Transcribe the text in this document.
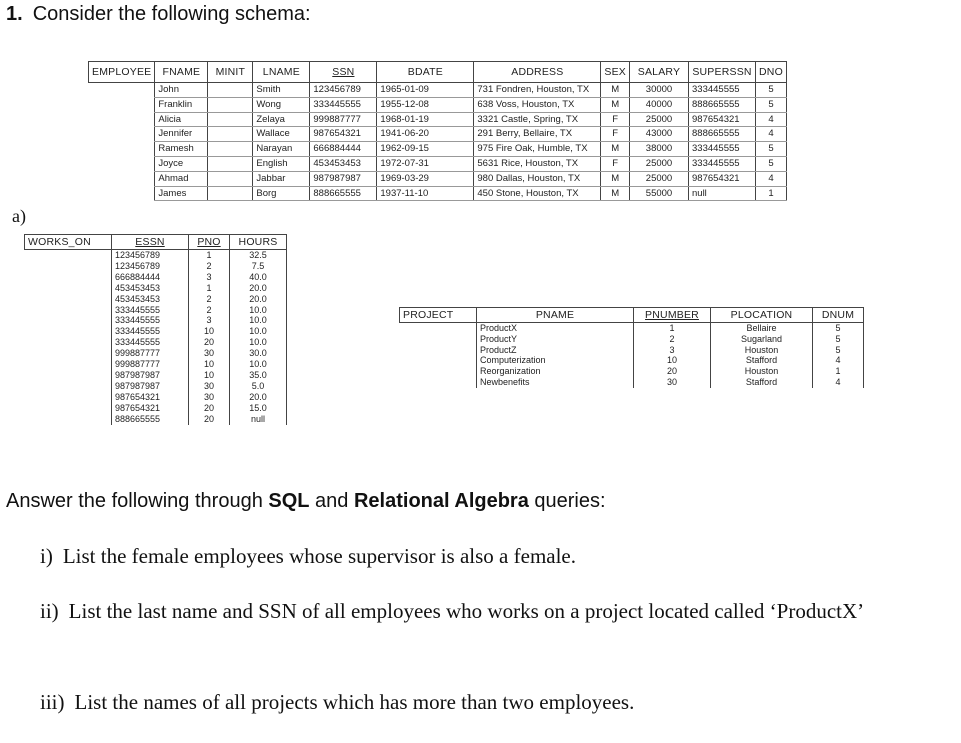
1. Consider the following schema:
EMPLOYEE	FNAME	MINIT	LNAME	SSN	BDATE	ADDRESS	SEX	SALARY	SUPERSSN	DNO
	John		Smith	123456789	1965-01-09	731 Fondren, Houston, TX	M	30000	333445555	5
	Franklin		Wong	333445555	1955-12-08	638 Voss, Houston, TX	M	40000	888665555	5
	Alicia		Zelaya	999887777	1968-01-19	3321 Castle, Spring, TX	F	25000	987654321	4
	Jennifer		Wallace	987654321	1941-06-20	291 Berry, Bellaire, TX	F	43000	888665555	4
	Ramesh		Narayan	666884444	1962-09-15	975 Fire Oak, Humble, TX	M	38000	333445555	5
	Joyce		English	453453453	1972-07-31	5631 Rice, Houston, TX	F	25000	333445555	5
	Ahmad		Jabbar	987987987	1969-03-29	980 Dallas, Houston, TX	M	25000	987654321	4
	James		Borg	888665555	1937-11-10	450 Stone, Houston, TX	M	55000	null	1
a)
WORKS_ON	ESSN	PNO	HOURS
	123456789	1	32.5
	123456789	2	7.5
	666884444	3	40.0
	453453453	1	20.0
	453453453	2	20.0
	333445555	2	10.0
	333445555	3	10.0
	333445555	10	10.0
	333445555	20	10.0
	999887777	30	30.0
	999887777	10	10.0
	987987987	10	35.0
	987987987	30	5.0
	987654321	30	20.0
	987654321	20	15.0
	888665555	20	null
PROJECT	PNAME	PNUMBER	PLOCATION	DNUM
	ProductX	1	Bellaire	5
	ProductY	2	Sugarland	5
	ProductZ	3	Houston	5
	Computerization	10	Stafford	4
	Reorganization	20	Houston	1
	Newbenefits	30	Stafford	4
Answer the following through SQL and Relational Algebra queries:
i) List the female employees whose supervisor is also a female.
ii) List the last name and SSN of all employees who works on a project located called ‘ProductX’
iii) List the names of all projects which has more than two employees.
